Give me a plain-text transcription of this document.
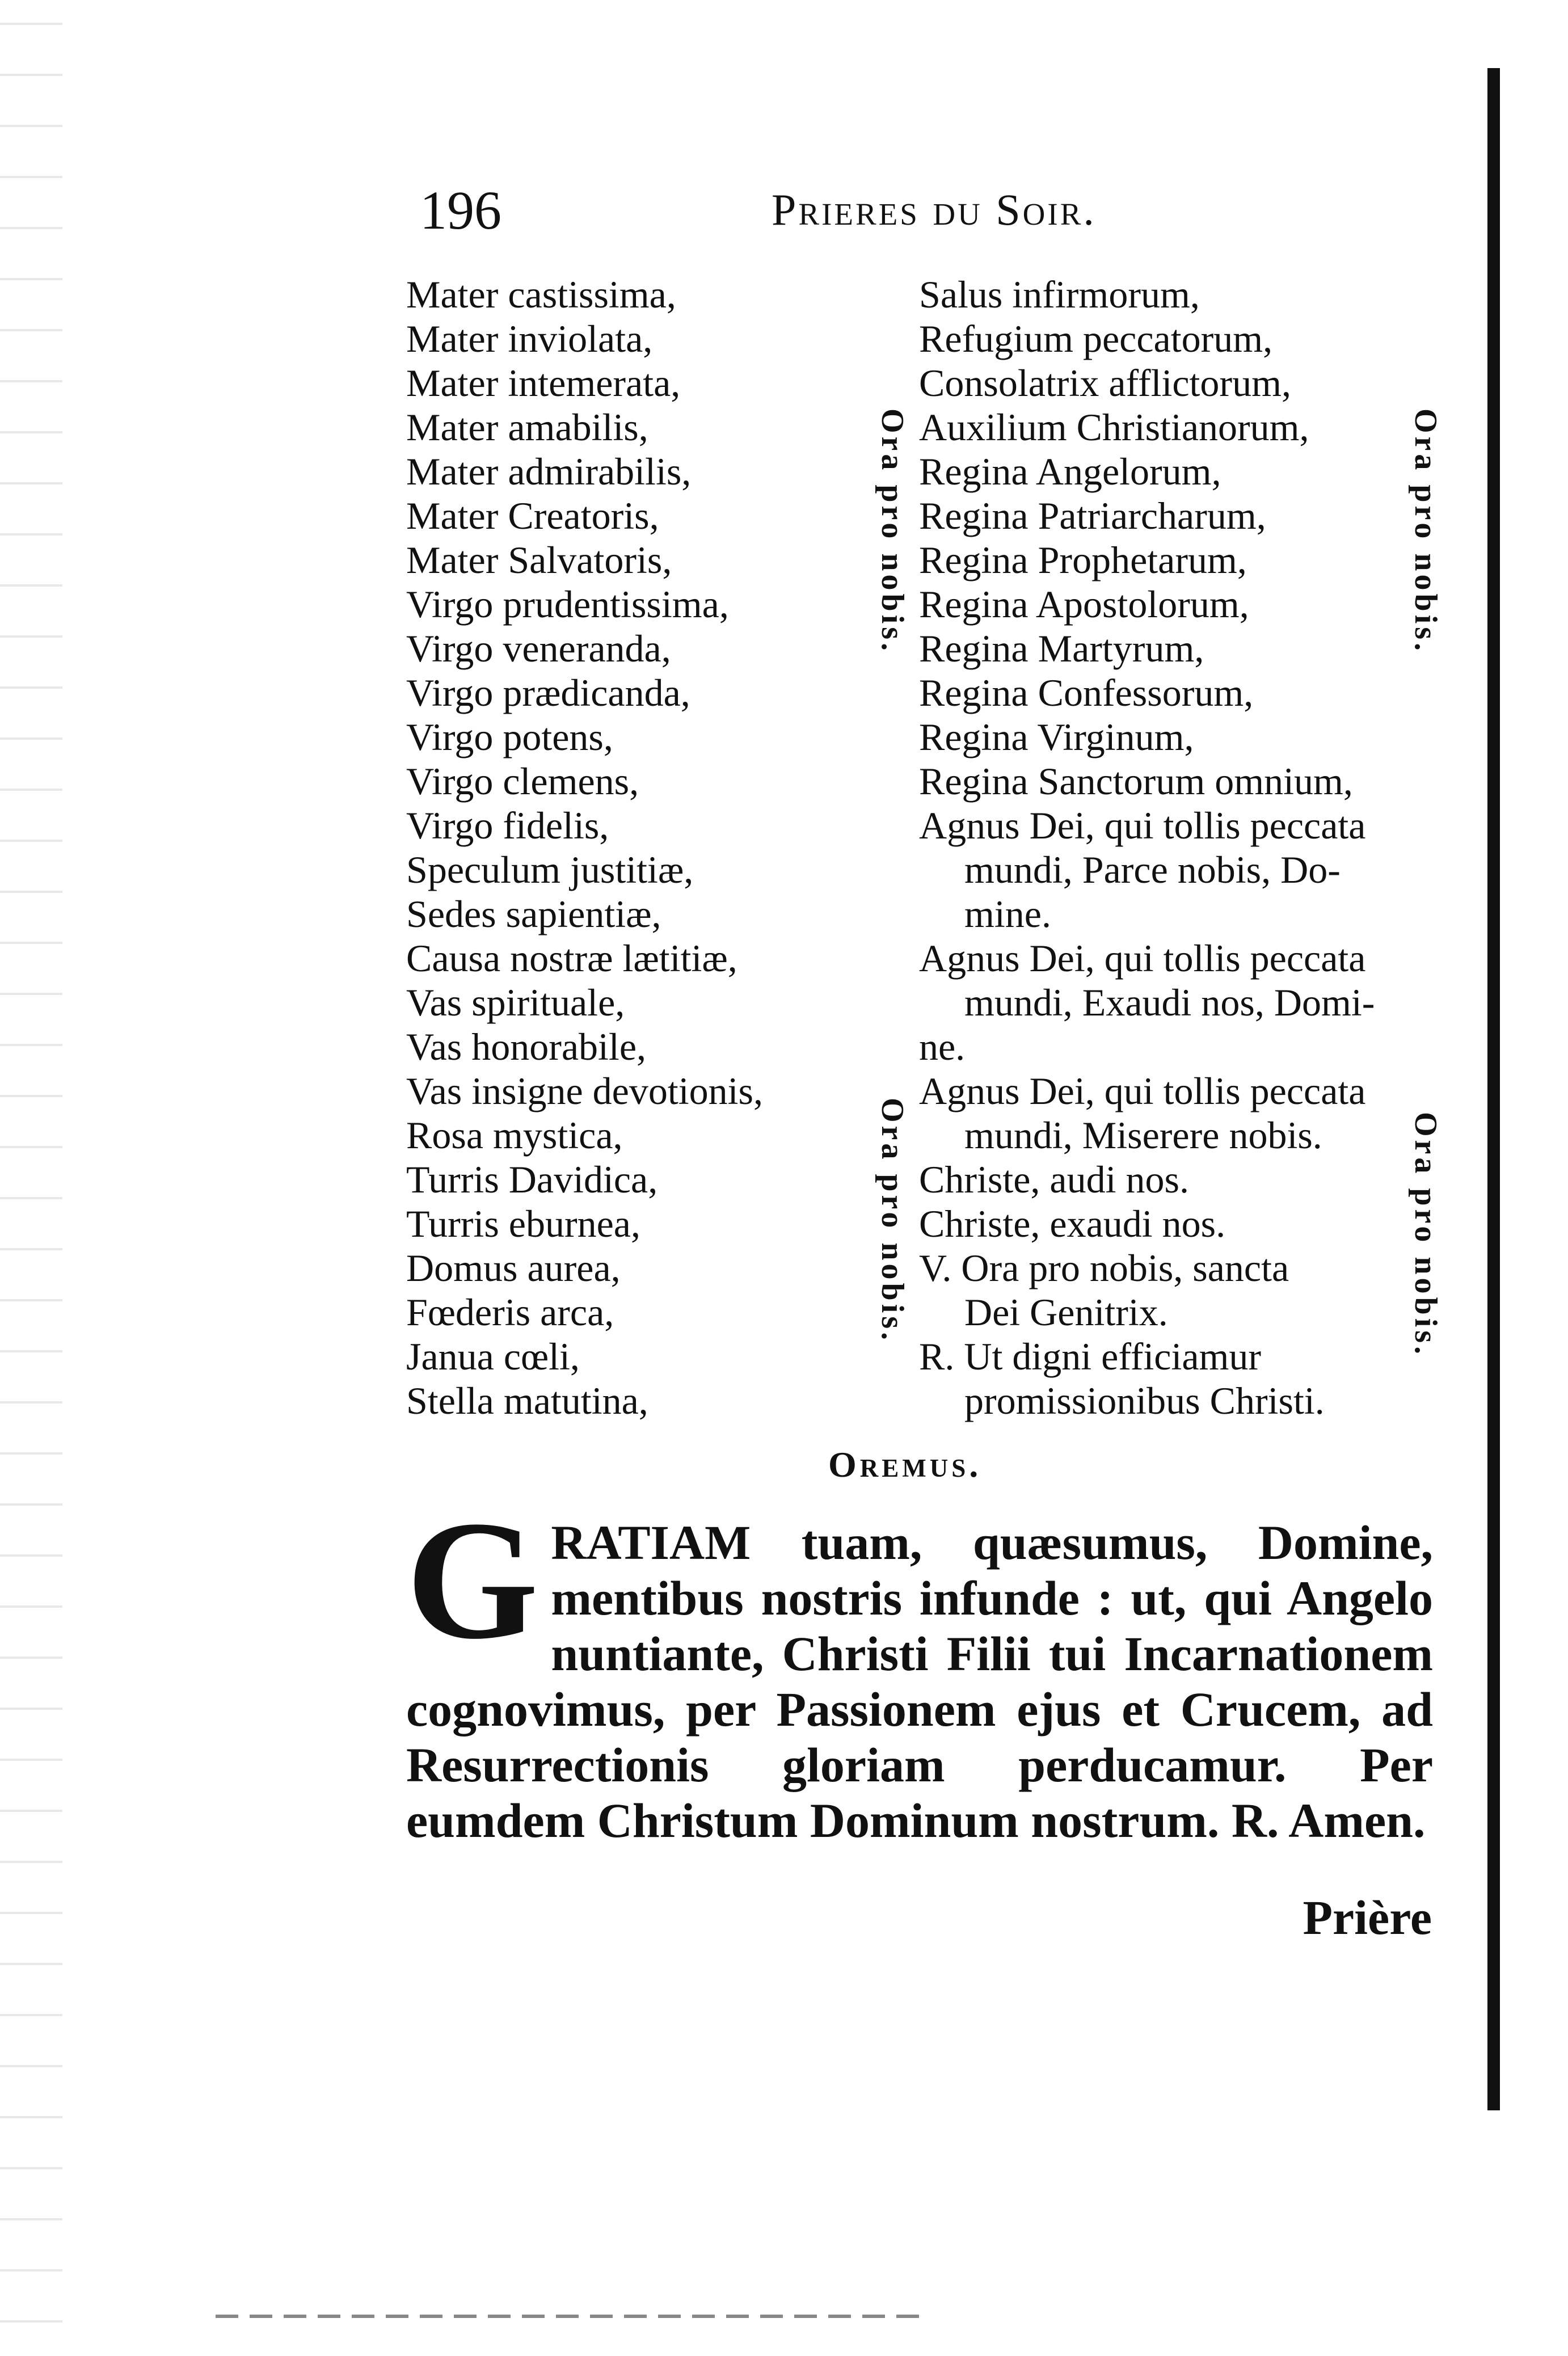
196	Prieres du Soir.
Mater castissima,
Mater inviolata,
Mater intemerata,
Mater amabilis,
Mater admirabilis,
Mater Creatoris,
Mater Salvatoris,
Virgo prudentissima,
Virgo veneranda,
Virgo prædicanda,
Virgo potens,
Virgo clemens,
Virgo fidelis,
Speculum justitiæ,
Sedes sapientiæ,
Causa nostræ lætitiæ,
Vas spirituale,
Vas honorabile,
Vas insigne devotionis,
Rosa mystica,
Turris Davidica,
Turris eburnea,
Domus aurea,
Fœderis arca,
Janua cœli,
Stella matutina,
Salus infirmorum,
Refugium peccatorum,
Consolatrix afflictorum,
Auxilium Christianorum,
Regina Angelorum,
Regina Patriarcharum,
Regina Prophetarum,
Regina Apostolorum,
Regina Martyrum,
Regina Confessorum,
Regina Virginum,
Regina Sanctorum omnium,
Agnus Dei, qui tollis peccata
mundi, Parce nobis, Do-
mine.
Agnus Dei, qui tollis peccata
mundi, Exaudi nos, Domi-
ne.
Agnus Dei, qui tollis peccata
mundi, Miserere nobis.
Christe, audi nos.
Christe, exaudi nos.
V. Ora pro nobis, sancta
Dei Genitrix.
R. Ut digni efficiamur
promissionibus Christi.
Ora pro nobis.	Ora pro nobis.
Ora pro nobis.	Ora pro nobis.
Oremus.
G RATIAM tuam, quæsumus, Domine, mentibus nostris infunde : ut, qui Angelo nuntiante, Christi Filii tui Incarnationem cognovimus, per Passionem ejus et Crucem, ad Resurrectionis gloriam perducamur. Per eumdem Christum Dominum nostrum. R. Amen.
Prière
